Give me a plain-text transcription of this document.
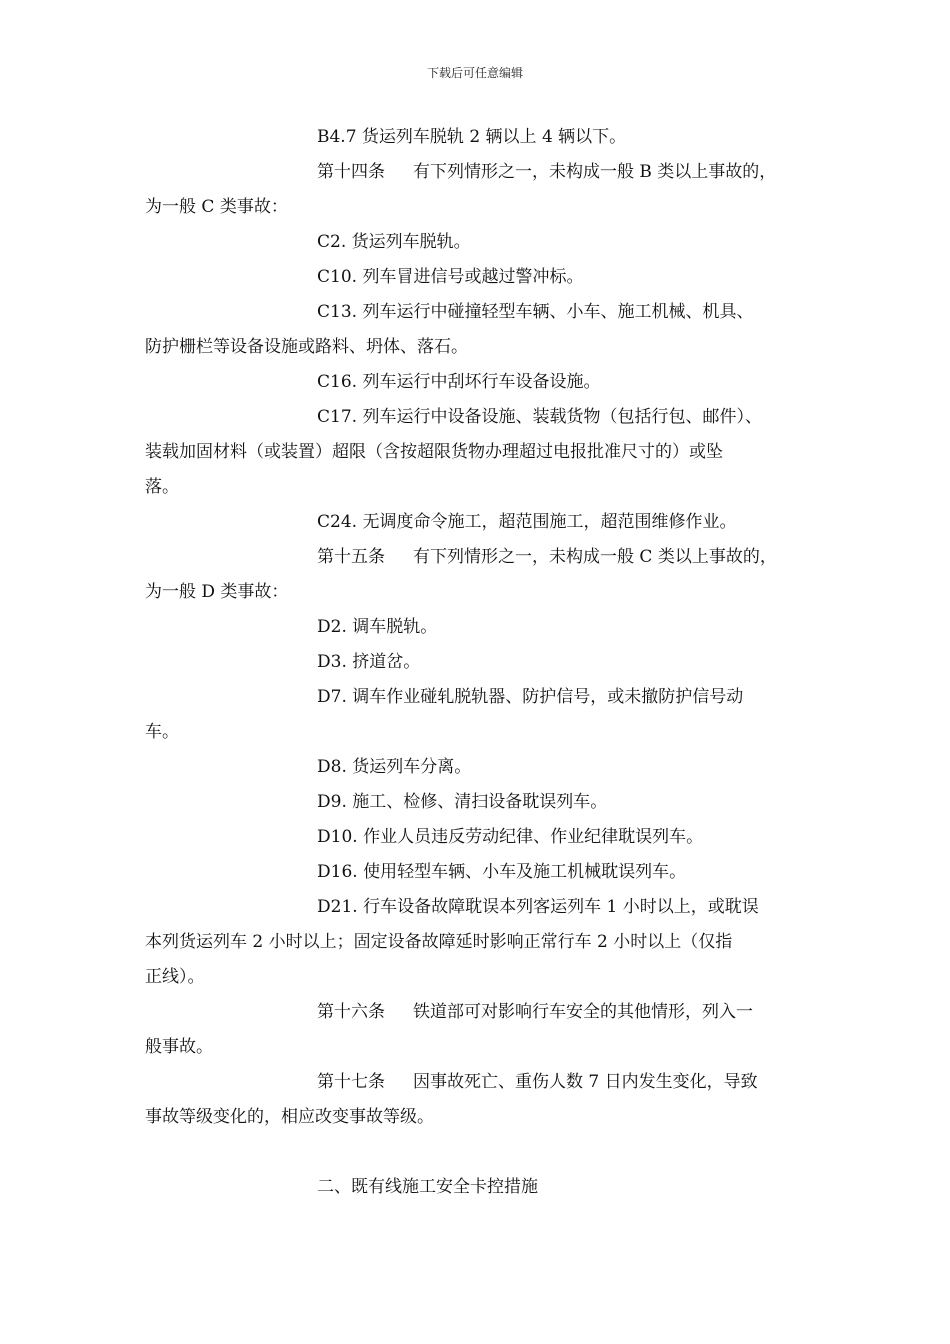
下载后可任意编辑
B4.7 货运列车脱轨 2 辆以上 4 辆以下。
第十四条 有下列情形之一，未构成一般 B 类以上事故的，
为一般 C 类事故：
C2. 货运列车脱轨。
C10. 列车冒进信号或越过警冲标。
C13. 列车运行中碰撞轻型车辆、小车、施工机械、机具、
防护栅栏等设备设施或路料、坍体、落石。
C16. 列车运行中刮坏行车设备设施。
C17. 列车运行中设备设施、装载货物（包括行包、邮件）、
装载加固材料（或装置）超限（含按超限货物办理超过电报批准尺寸的）或坠
落。
C24. 无调度命令施工，超范围施工，超范围维修作业。
第十五条 有下列情形之一，未构成一般 C 类以上事故的，
为一般 D 类事故：
D2. 调车脱轨。
D3. 挤道岔。
D7. 调车作业碰轧脱轨器、防护信号，或未撤防护信号动
车。
D8. 货运列车分离。
D9. 施工、检修、清扫设备耽误列车。
D10. 作业人员违反劳动纪律、作业纪律耽误列车。
D16. 使用轻型车辆、小车及施工机械耽误列车。
D21. 行车设备故障耽误本列客运列车 1 小时以上，或耽误
本列货运列车 2 小时以上；固定设备故障延时影响正常行车 2 小时以上（仅指
正线）。
第十六条 铁道部可对影响行车安全的其他情形，列入一
般事故。
第十七条 因事故死亡、重伤人数 7 日内发生变化，导致
事故等级变化的，相应改变事故等级。
二、既有线施工安全卡控措施
